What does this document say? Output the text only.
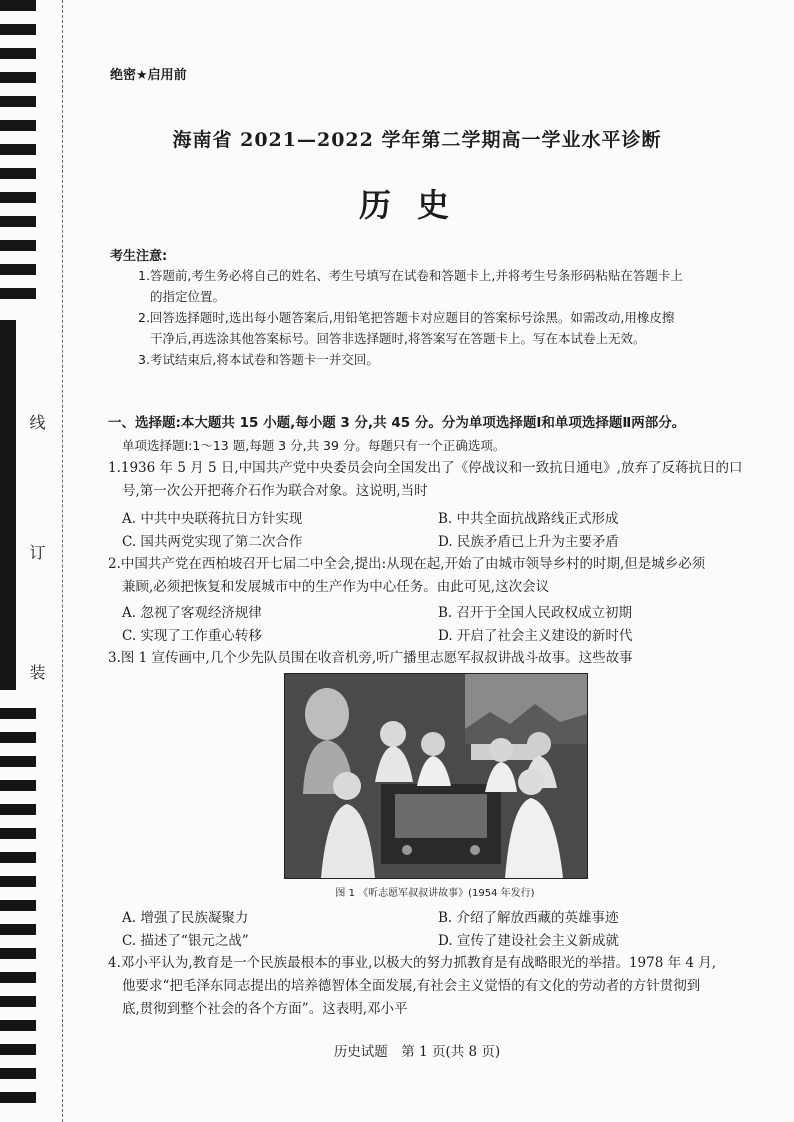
线
订
装
绝密★启用前
海南省 2021—2022 学年第二学期高一学业水平诊断
历史
考生注意:
1.答题前,考生务必将自己的姓名、考生号填写在试卷和答题卡上,并将考生号条形码粘贴在答题卡上
的指定位置。
2.回答选择题时,选出每小题答案后,用铅笔把答题卡对应题目的答案标号涂黑。如需改动,用橡皮擦
干净后,再选涂其他答案标号。回答非选择题时,将答案写在答题卡上。写在本试卷上无效。
3.考试结束后,将本试卷和答题卡一并交回。
一、选择题:本大题共 15 小题,每小题 3 分,共 45 分。分为单项选择题Ⅰ和单项选择题Ⅱ两部分。
单项选择题Ⅰ:1～13 题,每题 3 分,共 39 分。每题只有一个正确选项。
1.1936 年 5 月 5 日,中国共产党中央委员会向全国发出了《停战议和一致抗日通电》,放弃了反蒋抗日的口
号,第一次公开把蒋介石作为联合对象。这说明,当时
A. 中共中央联蒋抗日方针实现	B. 中共全面抗战路线正式形成
C. 国共两党实现了第二次合作	D. 民族矛盾已上升为主要矛盾
2.中国共产党在西柏坡召开七届二中全会,提出:从现在起,开始了由城市领导乡村的时期,但是城乡必须
兼顾,必须把恢复和发展城市中的生产作为中心任务。由此可见,这次会议
A. 忽视了客观经济规律	B. 召开于全国人民政权成立初期
C. 实现了工作重心转移	D. 开启了社会主义建设的新时代
3.图 1 宣传画中,几个少先队员围在收音机旁,听广播里志愿军叔叔讲战斗故事。这些故事
图 1 《听志愿军叔叔讲故事》(1954 年发行)
A. 增强了民族凝聚力	B. 介绍了解放西藏的英雄事迹
C. 描述了“银元之战”	D. 宣传了建设社会主义新成就
4.邓小平认为,教育是一个民族最根本的事业,以极大的努力抓教育是有战略眼光的举措。1978 年 4 月,
他要求“把毛泽东同志提出的培养德智体全面发展,有社会主义觉悟的有文化的劳动者的方针贯彻到
底,贯彻到整个社会的各个方面”。这表明,邓小平
历史试题　第 1 页(共 8 页)
